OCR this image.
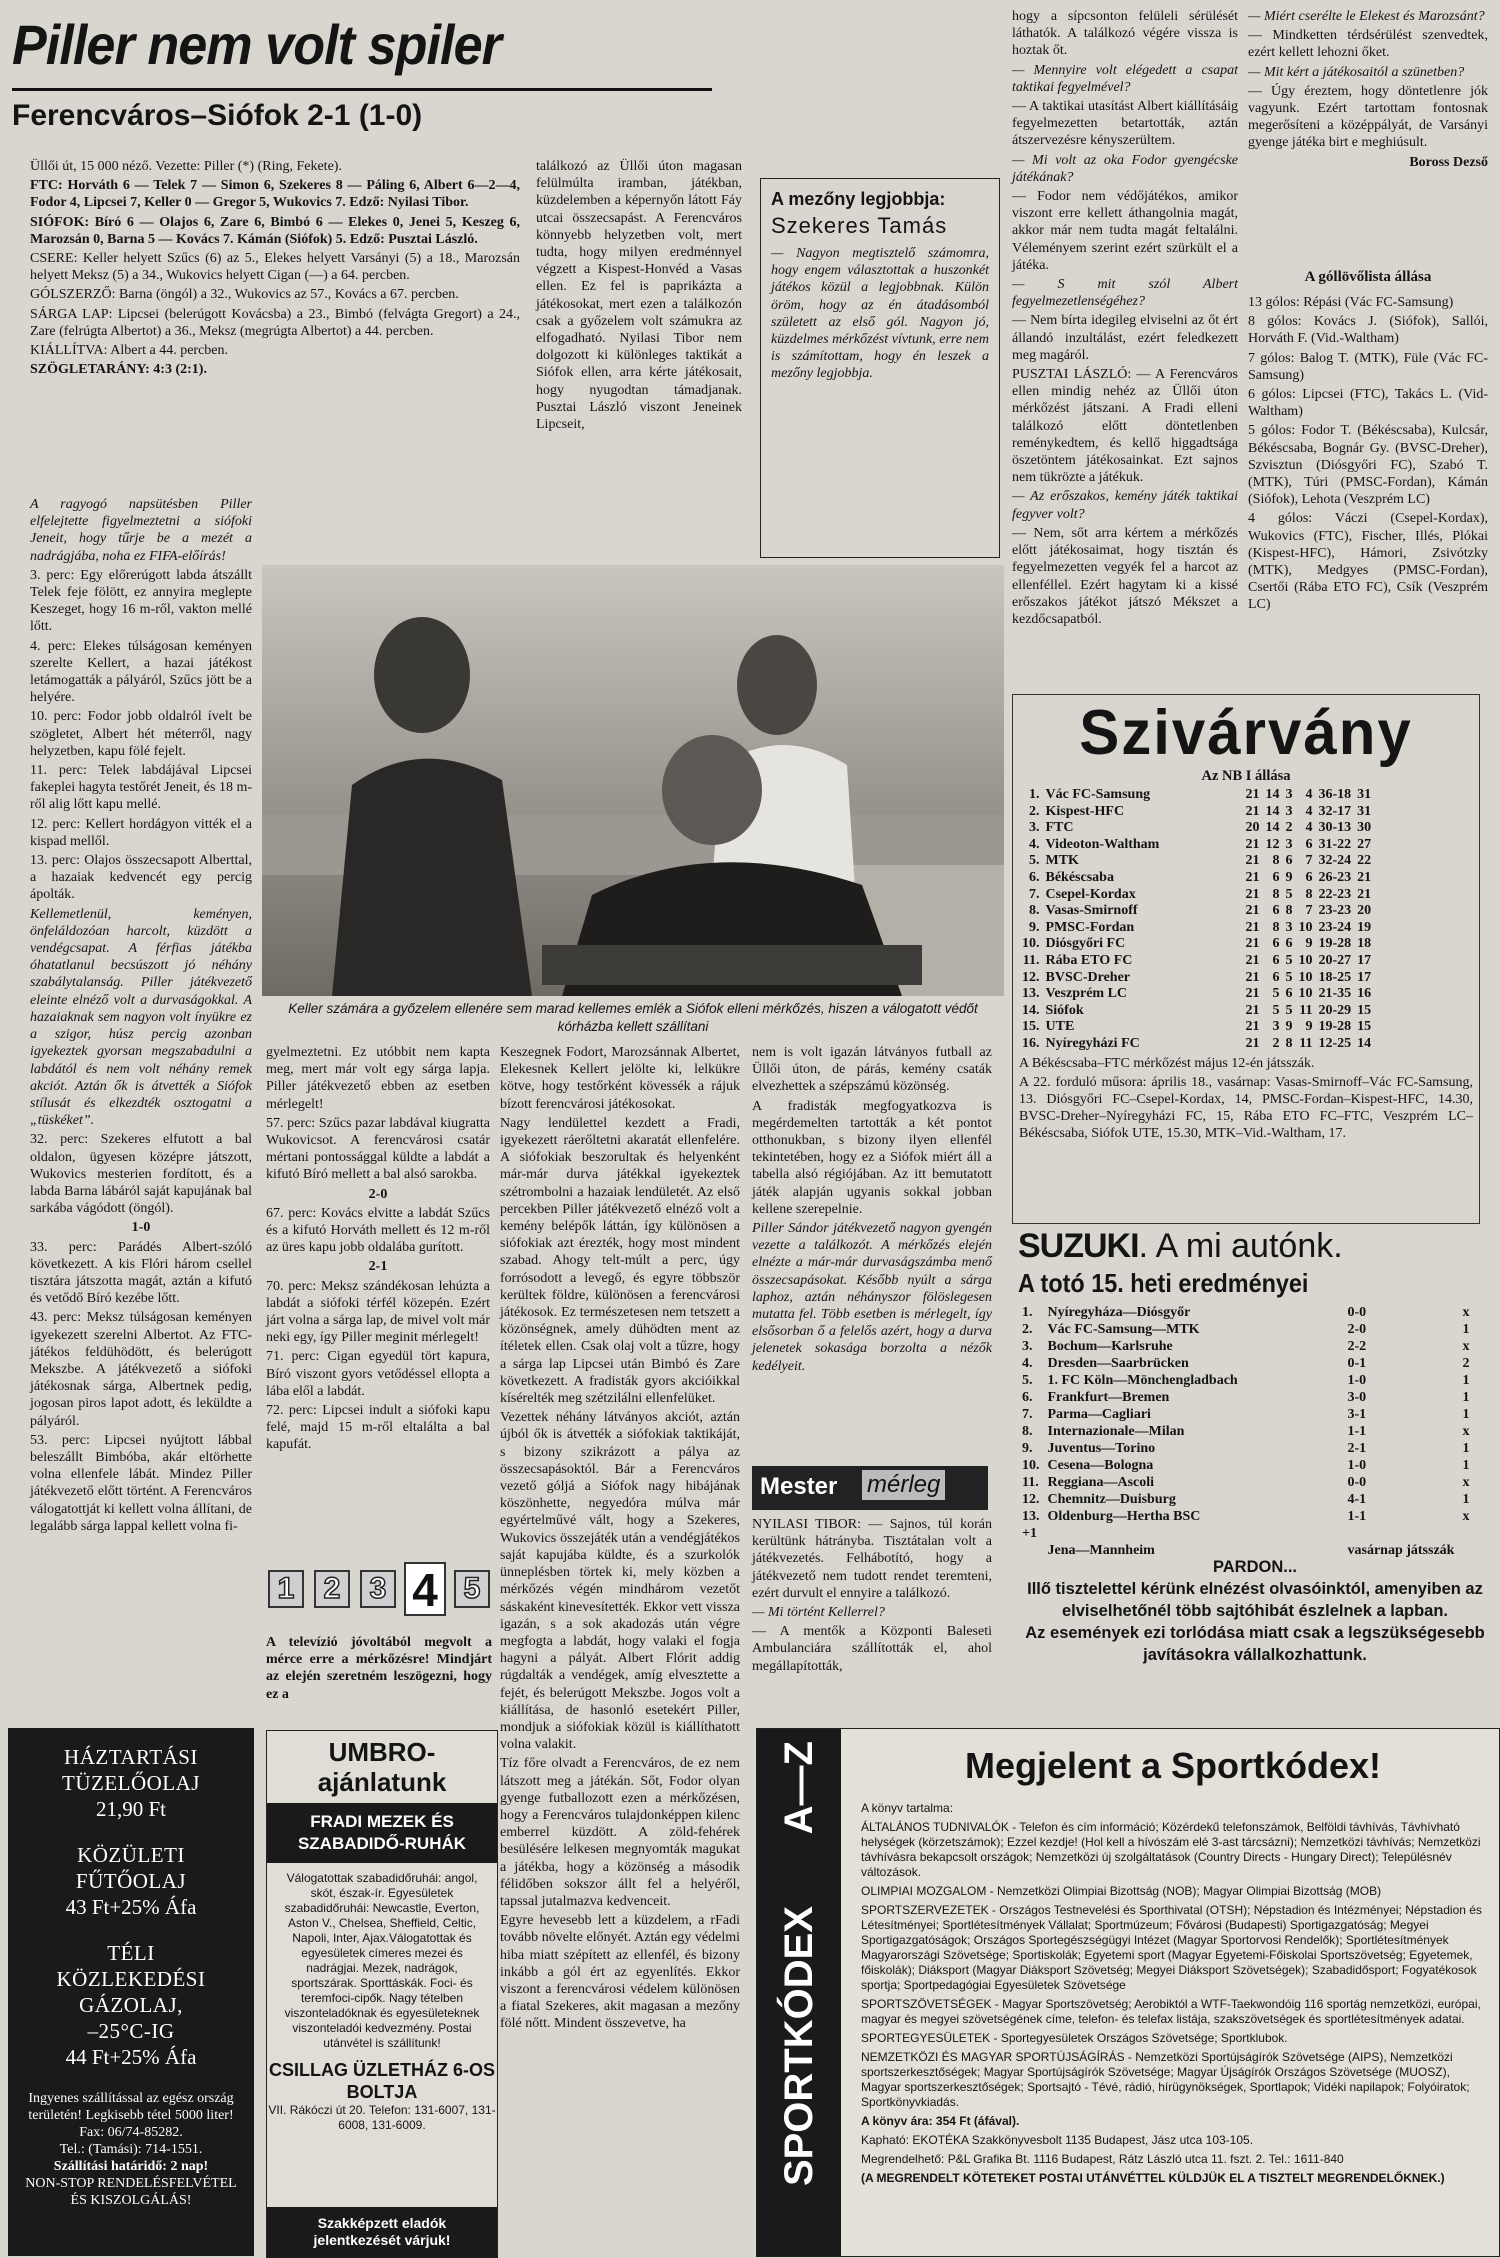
Piller nem volt spiler
Ferencváros–Siófok 2-1 (1-0)

Üllői út, 15 000 néző. Vezette: Piller (*) (Ring, Fekete).

FTC: Horváth 6 — Telek 7 — Simon 6, Szekeres 8 — Páling 6, Albert 6—2—4, Fodor 4, Lipcsei 7, Keller 0 — Gregor 5, Wukovics 7. Edző: Nyilasi Tibor.

SIÓFOK: Bíró 6 — Olajos 6, Zare 6, Bimbó 6 — Elekes 0, Jenei 5, Keszeg 6, Marozsán 0, Barna 5 — Kovács 7. Kámán (Siófok) 5. Edző: Pusztai László.

CSERE: Keller helyett Szűcs (6) az 5., Elekes helyett Varsányi (5) a 18., Marozsán helyett Meksz (5) a 34., Wukovics helyett Cigan (—) a 64. percben.

GÓLSZERZŐ: Barna (öngól) a 32., Wukovics az 57., Kovács a 67. percben.

SÁRGA LAP: Lipcsei (belerúgott Kovácsba) a 23., Bimbó (felvágta Gregort) a 24., Zare (felrúgta Albertot) a 36., Meksz (megrúgta Albertot) a 44. percben.

KIÁLLÍTVA: Albert a 44. percben.

SZÖGLETARÁNY: 4:3 (2:1).

A ragyogó napsütésben Piller elfelejtette figyelmeztetni a siófoki Jeneit, hogy tűrje be a mezét a nadrágjába, noha ez FIFA-előírás!

3. perc: Egy előrerúgott labda átszállt Telek feje fölött, ez annyira meglepte Keszeget, hogy 16 m-ről, vakton mellé lőtt.

4. perc: Elekes túlságosan keményen szerelte Kellert, a hazai játékost letámogatták a pályáról, Szűcs jött be a helyére.

10. perc: Fodor jobb oldalról ívelt be szögletet, Albert hét méterről, nagy helyzetben, kapu fölé fejelt.

11. perc: Telek labdájával Lipcsei fakeplei hagyta testőrét Jeneit, és 18 m-ről alig lőtt kapu mellé.

12. perc: Kellert hordágyon vitték el a kispad mellől.

13. perc: Olajos összecsapott Alberttal, a hazaiak kedvencét egy percig ápolták.

Kellemetlenül, keményen, önfeláldozóan harcolt, küzdött a vendégcsapat. A férfias játékba óhatatlanul becsúszott jó néhány szabálytalanság. Piller játékvezető eleinte elnéző volt a durvaságokkal. A hazaiaknak sem nagyon volt ínyükre ez a szigor, húsz percig azonban igyekeztek gyorsan megszabadulni a labdától és nem volt néhány remek akciót. Aztán ők is átvették a Siófok stílusát és elkezdték osztogatni a „tüskéket”.

32. perc: Szekeres elfutott a bal oldalon, ügyesen középre játszott, Wukovics mesterien fordított, és a labda Barna lábáról saját kapujának bal sarkába vágódott (öngól).

1-0

33. perc: Parádés Albert-szóló következett. A kis Flóri három csellel tisztára játszotta magát, aztán a kifutó és vetődő Bíró kezébe lőtt.

43. perc: Meksz túlságosan keményen igyekezett szerelni Albertot. Az FTC-játékos feldühödött, és belerúgott Mekszbe. A játékvezető a siófoki játékosnak sárga, Albertnek pedig, jogosan piros lapot adott, és leküldte a pályáról.

53. perc: Lipcsei nyújtott lábbal beleszállt Bimbóba, akár eltörhette volna ellenfele lábát. Mindez Piller játékvezető előtt történt. A Ferencváros válogatottját ki kellett volna állítani, de legalább sárga lappal kellett volna fi-

találkozó az Üllői úton magasan felülmúlta iramban, játékban, küzdelemben a képernyőn látott Fáy utcai összecsapást. A Ferencváros könnyebb helyzetben volt, mert tudta, hogy milyen eredménnyel végzett a Kispest-Honvéd a Vasas ellen. Ez fel is paprikázta a játékosokat, mert ezen a találkozón csak a győzelem volt számukra az elfogadható. Nyilasi Tibor nem dolgozott ki különleges taktikát a Siófok ellen, arra kérte játékosait, hogy nyugodtan támadjanak. Pusztai László viszont Jeneinek Lipcseit,

A mezőny legjobbja:
Szekeres Tamás
— Nagyon megtisztelő számomra, hogy engem választottak a huszonkét játékos közül a legjobbnak. Külön öröm, hogy az én átadásomból született az első gól. Nagyon jó, küzdelmes mérkőzést vívtunk, erre nem is számítottam, hogy én leszek a mezőny legjobbja.

hogy a sípcsonton felüleli sérülését láthatók. A találkozó végére vissza is hoztak őt.

— Mennyire volt elégedett a csapat taktikai fegyelmével?

— A taktikai utasítást Albert kiállításáig fegyelmezetten betartották, aztán átszervezésre kényszerültem.

— Mi volt az oka Fodor gyengécske játékának?

— Fodor nem védőjátékos, amikor viszont erre kellett áthangolnia magát, akkor már nem tudta magát feltalálni. Véleményem szerint ezért szürkült el a játéka.

— S mit szól Albert fegyelmezetlenségéhez?

— Nem bírta idegileg elviselni az őt ért állandó inzultálást, ezért feledkezett meg magáról.

PUSZTAI LÁSZLÓ: — A Ferencváros ellen mindig nehéz az Üllői úton mérkőzést játszani. A Fradi elleni találkozó előtt döntetlenben reménykedtem, és kellő higgadtsága öszetöntem játékosainkat. Ezt sajnos nem tükrözte a játékuk.

— Az erőszakos, kemény játék taktikai fegyver volt?

— Nem, sőt arra kértem a mérkőzés előtt játékosaimat, hogy tisztán és fegyelmezetten vegyék fel a harcot az ellenféllel. Ezért hagytam ki a kissé erőszakos játékot játszó Mékszet a kezdőcsapatból.

— Miért cserélte le Elekest és Marozsánt?

— Mindketten térdsérülést szenvedtek, ezért kellett lehozni őket.

— Mit kért a játékosaitól a szünetben?

— Úgy éreztem, hogy döntetlenre jók vagyunk. Ezért tartottam fontosnak megerősíteni a középpályát, de Varsányi gyenge játéka birt e meghiúsult.

Boross Dezső

A góllövőlista állása

13 gólos: Répási (Vác FC-Samsung)

8 gólos: Kovács J. (Siófok), Sallói, Horváth F. (Vid.-Waltham)

7 gólos: Balog T. (MTK), Füle (Vác FC-Samsung)

6 gólos: Lipcsei (FTC), Takács L. (Vid-Waltham)

5 gólos: Fodor T. (Békéscsaba), Kulcsár, Békéscsaba, Bognár Gy. (BVSC-Dreher), Szvisztun (Diósgyőri FC), Szabó T. (MTK), Túri (PMSC-Fordan), Kámán (Siófok), Lehota (Veszprém LC)

4 gólos: Váczi (Csepel-Kordax), Wukovics (FTC), Fischer, Illés, Plókai (Kispest-HFC), Hámori, Zsivótzky (MTK), Medgyes (PMSC-Fordan), Csertői (Rába ETO FC), Csík (Veszprém LC)

Keller számára a győzelem ellenére sem marad kellemes emlék a Siófok elleni mérkőzés, hiszen a válogatott védőt kórházba kellett szállítani

gyelmeztetni. Ez utóbbit nem kapta meg, mert már volt egy sárga lapja. Piller játékvezető ebben az esetben mérlegelt!

57. perc: Szűcs pazar labdával kiugratta Wukovicsot. A ferencvárosi csatár mértani pontossággal küldte a labdát a kifutó Bíró mellett a bal alsó sarokba.

2-0

67. perc: Kovács elvitte a labdát Szűcs és a kifutó Horváth mellett és 12 m-ről az üres kapu jobb oldalába gurított.

2-1

70. perc: Meksz szándékosan lehúzta a labdát a siófoki térfél közepén. Ezért járt volna a sárga lap, de mivel volt már neki egy, így Piller meginit mérlegelt!

71. perc: Cigan egyedül tört kapura, Bíró viszont gyors vetődéssel ellopta a lába elől a labdát.

72. perc: Lipcsei indult a siófoki kapu felé, majd 15 m-ről eltalálta a bal kapufát.

1 2 3 4 5

A televízió jóvoltából megvolt a mérce erre a mérkőzésre! Mindjárt az elején szeretném leszögezni, hogy ez a

Keszegnek Fodort, Marozsánnak Albertet, Elekesnek Kellert jelölte ki, lelkükre kötve, hogy testőrként kövessék a rájuk bízott ferencvárosi játékosokat.

Nagy lendülettel kezdett a Fradi, igyekezett ráerőltetni akaratát ellenfelére. A siófokiak beszorultak és helyenként már-már durva játékkal igyekeztek szétrombolni a hazaiak lendületét. Az első percekben Piller játékvezető elnéző volt a kemény belépők láttán, így különösen a siófokiak azt érezték, hogy most mindent szabad. Ahogy telt-múlt a perc, úgy forrósodott a levegő, és egyre többször kerültek földre, különösen a ferencvárosi játékosok. Ez természetesen nem tetszett a közönségnek, amely dühödten ment az ítéletek ellen. Csak olaj volt a tűzre, hogy a sárga lap Lipcsei után Bimbó és Zare következett. A fradisták gyors akcióikkal kísérelték meg szétzilálni ellenfelüket.

Vezettek néhány látványos akciót, aztán újból ők is átvették a siófokiak taktikáját, s bizony szikrázott a pálya az összecsapásoktól. Bár a Ferencváros vezető góljá a Siófok nagy hibájának köszönhette, negyedóra múlva már egyértelművé vált, hogy a Szekeres, Wukovics összejáték után a vendégjátékos saját kapujába küldte, és a szurkolók ünneplésben törtek ki, mely közben a mérkőzés végén mindhárom vezetőt sáskaként kinevesítették. Ekkor vett vissza igazán, s a sok akadozás után végre megfogta a labdát, hogy valaki el fogja hagyni a pályát. Albert Flórit addig rúgdalták a vendégek, amíg elvesztette a fejét, és belerúgott Mekszbe. Jogos volt a kiállítása, de hasonló esetekért Piller, mondjuk a siófokiak közül is kiállíthatott volna valakit.

Tíz főre olvadt a Ferencváros, de ez nem látszott meg a játékán. Sőt, Fodor olyan gyenge futballozott ezen a mérkőzésen, hogy a Ferencváros tulajdonképpen kilenc emberrel küzdött. A zöld-fehérek besülésére lelkesen megnyomták magukat a játékba, hogy a közönség a második félidőben sokszor állt fel a helyéről, tapssal jutalmazva kedvenceit.

Egyre hevesebb lett a küzdelem, a rFadi tovább növelte előnyét. Aztán egy védelmi hiba miatt szépített az ellenfél, és bizony inkább a gól ért az egyenlítés. Ekkor viszont a ferencvárosi védelem különösen a fiatal Szekeres, akit magasan a mezőny fölé nőtt. Mindent összevetve, ha

nem is volt igazán látványos futball az Üllői úton, de párás, kemény csaták elvezhettek a szépszámú közönség.

A fradisták megfogyatkozva is megérdemelten tartották a két pontot otthonukban, s bizony ilyen ellenfél tekintetében, hogy ez a Siófok miért áll a tabella alsó régiójában. Az itt bemutatott játék alapján ugyanis sokkal jobban kellene szerepelnie.

Piller Sándor játékvezető nagyon gyengén vezette a találkozót. A mérkőzés elején elnézte a már-már durvaságszámba menő összecsapásokat. Később nyúlt a sárga laphoz, aztán néhányszor fölöslegesen mutatta fel. Több esetben is mérlegelt, így elsősorban ő a felelős azért, hogy a durva jelenetek sokasága borzolta a nézők kedélyeit.

Mester mérleg

NYILASI TIBOR: — Sajnos, túl korán kerültünk hátrányba. Tisztátalan volt a játékvezetés. Felhábotító, hogy a játékvezető nem tudott rendet teremteni, ezért durvult el ennyire a találkozó.

— Mi történt Kellerrel?

— A mentők a Központi Baleseti Ambulanciára szállították el, ahol megállapították,

Szivárvány
Az NB I állása
1.	Vác FC-Samsung	21	14	3	4	36-18	31
2.	Kispest-HFC	21	14	3	4	32-17	31
3.	FTC	20	14	2	4	30-13	30
4.	Videoton-Waltham	21	12	3	6	31-22	27
5.	MTK	21	8	6	7	32-24	22
6.	Békéscsaba	21	6	9	6	26-23	21
7.	Csepel-Kordax	21	8	5	8	22-23	21
8.	Vasas-Smirnoff	21	6	8	7	23-23	20
9.	PMSC-Fordan	21	8	3	10	23-24	19
10.	Diósgyőri FC	21	6	6	9	19-28	18
11.	Rába ETO FC	21	6	5	10	20-27	17
12.	BVSC-Dreher	21	6	5	10	18-25	17
13.	Veszprém LC	21	5	6	10	21-35	16
14.	Siófok	21	5	5	11	20-29	15
15.	UTE	21	3	9	9	19-28	15
16.	Nyíregyházi FC	21	2	8	11	12-25	14
A Békéscsaba–FTC mérkőzést május 12-én játsszák.
A 22. forduló műsora: április 18., vasárnap: Vasas-Smirnoff–Vác FC-Samsung, 13. Diósgyőri FC–Csepel-Kordax, 14, PMSC-Fordan–Kispest-HFC, 14.30, BVSC-Dreher–Nyíregyházi FC, 15, Rába ETO FC–FTC, Veszprém LC–Békéscsaba, Siófok UTE, 15.30, MTK–Vid.-Waltham, 17.
SUZUKI. A mi autónk.
A totó 15. heti eredményei
1.	Nyíregyháza—Diósgyőr	0-0	x
2.	Vác FC-Samsung—MTK	2-0	1
3.	Bochum—Karlsruhe	2-2	x
4.	Dresden—Saarbrücken	0-1	2
5.	1. FC Köln—Mönchengladbach	1-0	1
6.	Frankfurt—Bremen	3-0	1
7.	Parma—Cagliari	3-1	1
8.	Internazionale—Milan	1-1	x
9.	Juventus—Torino	2-1	1
10.	Cesena—Bologna	1-0	1
11.	Reggiana—Ascoli	0-0	x
12.	Chemnitz—Duisburg	4-1	1
13.	Oldenburg—Hertha BSC	1-1	x
+1			
	Jena—Mannheim	vasárnap játsszák	
PARDON...
Illő tisztelettel kérünk elnézést olvasóinktól, amenyiben az elviselhetőnél több sajtóhibát észlelnek a lapban.
Az események ezi torlódása miatt csak a legszükségesebb javításokra vállalkozhattunk.
HÁZTARTÁSI
TÜZELŐOLAJ
21,90 Ft
KÖZÜLETI
FŰTŐOLAJ
43 Ft+25% Áfa
TÉLI
KÖZLEKEDÉSI
GÁZOLAJ,
–25°C-IG
44 Ft+25% Áfa
Ingyenes szállítással az egész ország területén! Legkisebb tétel 5000 liter! Fax: 06/74-85282.
Tel.: (Tamási): 714-1551.
Szállítási határidő: 2 nap!
NON-STOP RENDELÉSFELVÉTEL ÉS KISZOLGÁLÁS!
UMBRO-
ajánlatunk
FRADI MEZEK ÉS SZABADIDŐ-RUHÁK
Válogatottak szabadidőruhái: angol, skót, észak-ír. Egyesületek szabadidőruhái: Newcastle, Everton, Aston V., Chelsea, Sheffield, Celtic, Napoli, Inter, Ajax.Válogatottak és egyesületek címeres mezei és nadrágjai. Mezek, nadrágok, sportszárak. Sporttáskák. Foci- és teremfoci-cipők. Nagy tételben viszonteladóknak és egyesületeknek viszonteladói kedvezmény. Postai utánvétel is szállítunk!
CSILLAG ÜZLETHÁZ 6-OS BOLTJA
VII. Rákóczi út 20. Telefon: 131-6007, 131-6008, 131-6009.
Szakképzett eladók jelentkezését várjuk!
SPORTKÓDEX
A—Z	Megjelent a Sportkódex!

A könyv tartalma:

ÁLTALÁNOS TUDNIVALÓK - Telefon és cím információ; Közérdekű telefonszámok, Belföldi távhívás, Távhívható helységek (körzetszámok); Ezzel kezdje! (Hol kell a hívószám elé 3-ast tárcsázni); Nemzetközi távhívás; Nemzetközi távhívásra bekapcsolt országok; Nemzetközi új szolgáltatások (Country Directs - Hungary Direct); Településnév változások.

OLIMPIAI MOZGALOM - Nemzetközi Olimpiai Bizottság (NOB); Magyar Olimpiai Bizottság (MOB)

SPORTSZERVEZETEK - Országos Testnevelési és Sporthivatal (OTSH); Népstadion és Intézményei; Népstadion és Létesítményei; Sportlétesítmények Vállalat; Sportmúzeum; Fővárosi (Budapesti) Sportigazgatóság; Megyei Sportigazgatóságok; Országos Sportegészségügyi Intézet (Magyar Sportorvosi Rendelők); Sportlétesítmények Magyarországi Szövetsége; Sportiskolák; Egyetemi sport (Magyar Egyetemi-Főiskolai Sportszövetség; Egyetemek, főiskolák); Diáksport (Magyar Diáksport Szövetség; Megyei Diáksport Szövetségek); Szabadidősport; Fogyatékosok sportja; Sportpedagógiai Egyesületek Szövetsége

SPORTSZÖVETSÉGEK - Magyar Sportszövetség; Aerobiktól a WTF-Taekwondóig 116 sportág nemzetközi, európai, magyar és megyei szövetségének címe, telefon- és telefax listája, szakszövetségek és sportlétesítmények adatai.

SPORTEGYESÜLETEK - Sportegyesületek Országos Szövetsége; Sportklubok.

NEMZETKÖZI ÉS MAGYAR SPORTÚJSÁGÍRÁS - Nemzetközi Sportújságírók Szövetsége (AIPS), Nemzetközi sportszerkesztőségek; Magyar Sportújságírók Szövetsége; Magyar Újságírók Országos Szövetsége (MUOSZ), Magyar sportszerkesztőségek; Sportsajtó - Tévé, rádió, hírügynökségek, Sportlapok; Vidéki napilapok; Folyóiratok; Sportkönyvkiadás.

A könyv ára: 354 Ft (áfával).

Kapható: EKOTÉKA Szakkönyvesbolt 1135 Budapest, Jász utca 103-105.

Megrendelhető: P&L Grafika Bt. 1116 Budapest, Rátz László utca 11. fszt. 2. Tel.: 1611-840

(A MEGRENDELT KÖTETEKET POSTAI UTÁNVÉTTEL KÜLDJÜK EL A TISZTELT MEGRENDELŐKNEK.)
